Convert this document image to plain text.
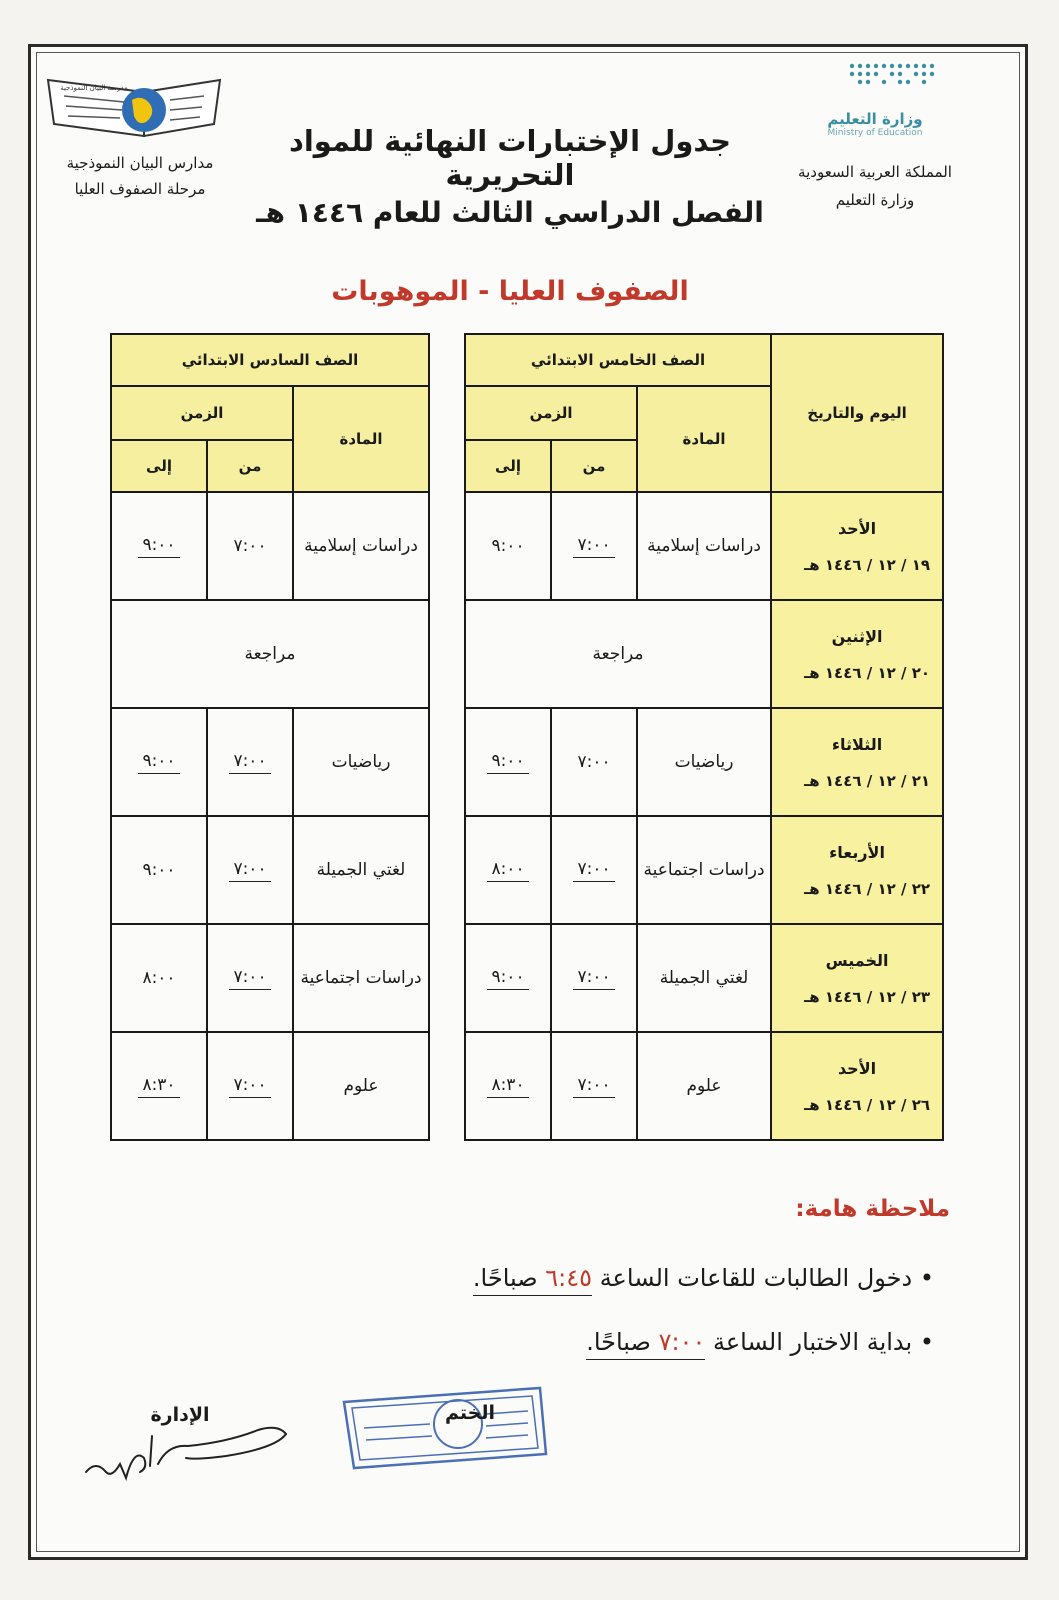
مدرسة البيان النموذجية
مدارس البيان النموذجية
مرحلة الصفوف العليا
وزارة التعليم
Ministry of Education
المملكة العربية السعودية
وزارة التعليم
جدول الإختبارات النهائية للمواد التحريرية
الفصل الدراسي الثالث للعام ١٤٤٦ هـ
الصفوف العليا - الموهوبات
اليوم والتاريخ	الصف الخامس الابتدائي				الصف السادس الابتدائي		
	المادة	الزمن			المادة	الزمن	
		من	إلى			من	إلى

الأحد
١٩ / ١٢ / ١٤٤٦ هـ	دراسات إسلامية	٧:٠٠	٩:٠٠		دراسات إسلامية	٧:٠٠	٩:٠٠

الإثنين
٢٠ / ١٢ / ١٤٤٦ هـ	مراجعة				مراجعة		

الثلاثاء
٢١ / ١٢ / ١٤٤٦ هـ	رياضيات	٧:٠٠	٩:٠٠		رياضيات	٧:٠٠	٩:٠٠

الأربعاء
٢٢ / ١٢ / ١٤٤٦ هـ	دراسات اجتماعية	٧:٠٠	٨:٠٠		لغتي الجميلة	٧:٠٠	٩:٠٠

الخميس
٢٣ / ١٢ / ١٤٤٦ هـ	لغتي الجميلة	٧:٠٠	٩:٠٠		دراسات اجتماعية	٧:٠٠	٨:٠٠

الأحد
٢٦ / ١٢ / ١٤٤٦ هـ	علوم	٧:٠٠	٨:٣٠		علوم	٧:٠٠	٨:٣٠
ملاحظة هامة:
• دخول الطالبات للقاعات الساعة ٦:٤٥ صباحًا.
• بداية الاختبار الساعة ٧:٠٠ صباحًا.
الختم
الإدارة
